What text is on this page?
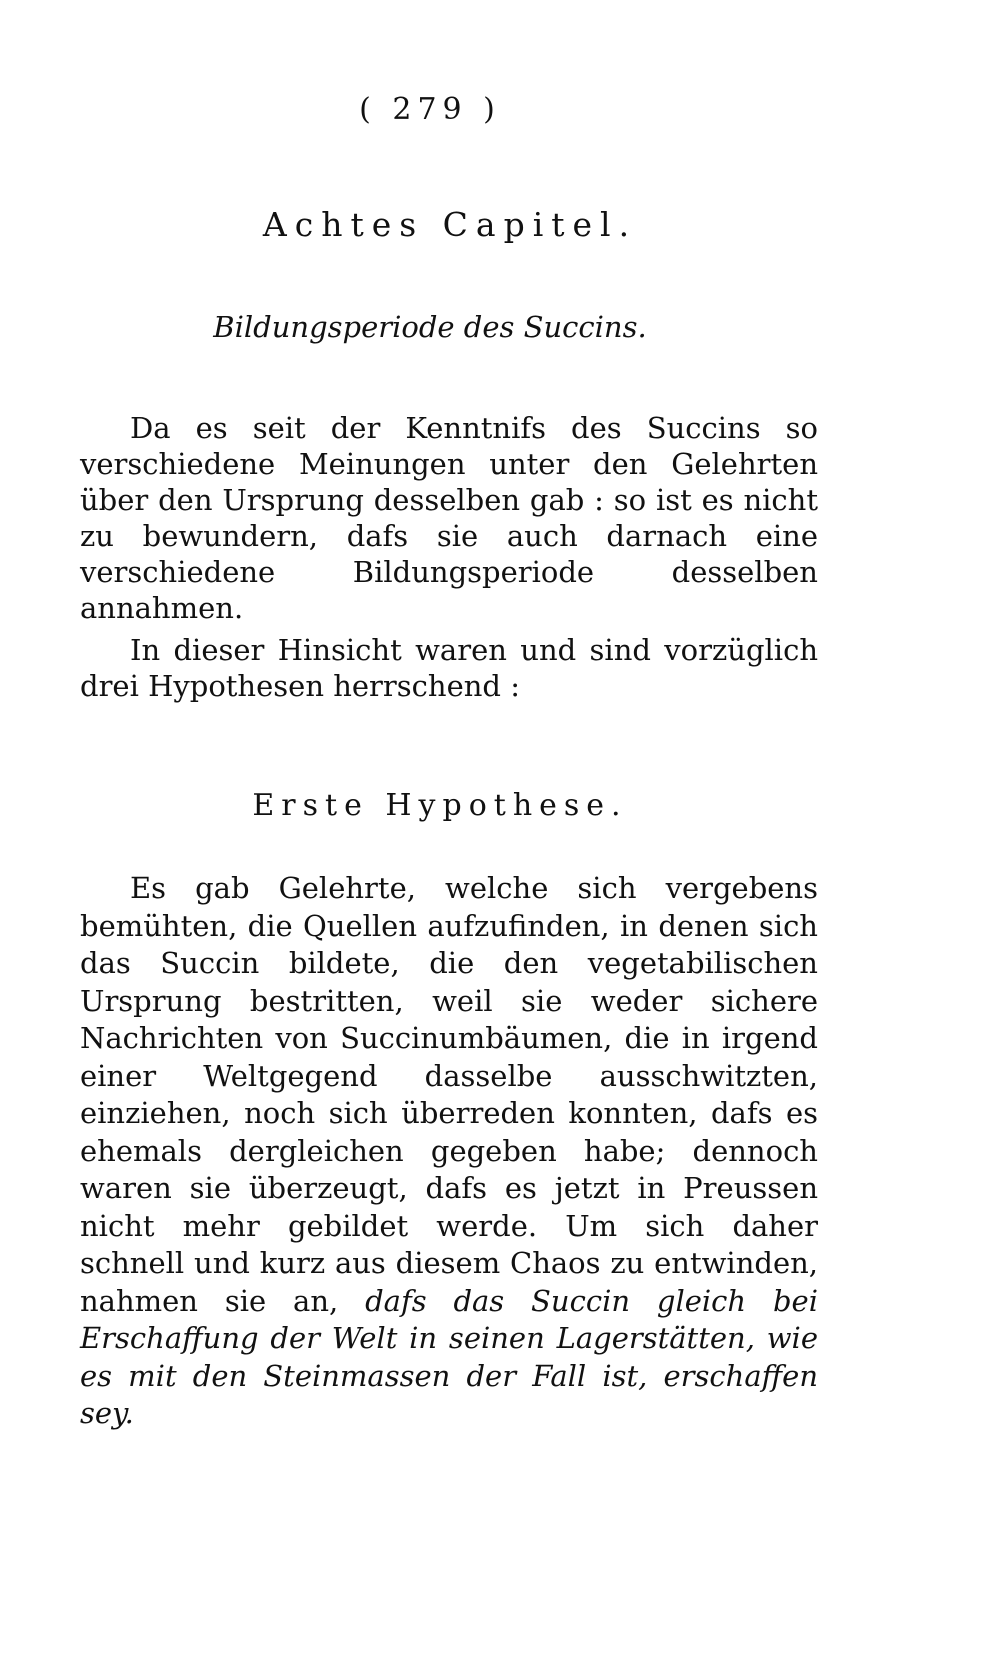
( 279 )
Achtes Capitel.
Bildungsperiode des Succins.

Da es seit der Kenntnifs des Succins so verschiedene Meinungen unter den Gelehrten über den Ursprung desselben gab : so ist es nicht zu bewundern, dafs sie auch darnach eine verschiedene Bildungsperiode desselben annahmen.

In dieser Hinsicht waren und sind vorzüglich drei Hypothesen herrschend :

Erste Hypothese.

Es gab Gelehrte, welche sich vergebens bemühten, die Quellen aufzufinden, in denen sich das Succin bildete, die den vegetabilischen Ursprung bestritten, weil sie weder sichere Nachrichten von Succinumbäumen, die in irgend einer Weltgegend dasselbe ausschwitzten, einziehen, noch sich überreden konnten, dafs es ehemals dergleichen gegeben habe; dennoch waren sie überzeugt, dafs es jetzt in Preussen nicht mehr gebildet werde. Um sich daher schnell und kurz aus diesem Chaos zu entwinden, nahmen sie an, dafs das Succin gleich bei Erschaffung der Welt in seinen Lagerstätten, wie es mit den Steinmassen der Fall ist, erschaffen sey.
